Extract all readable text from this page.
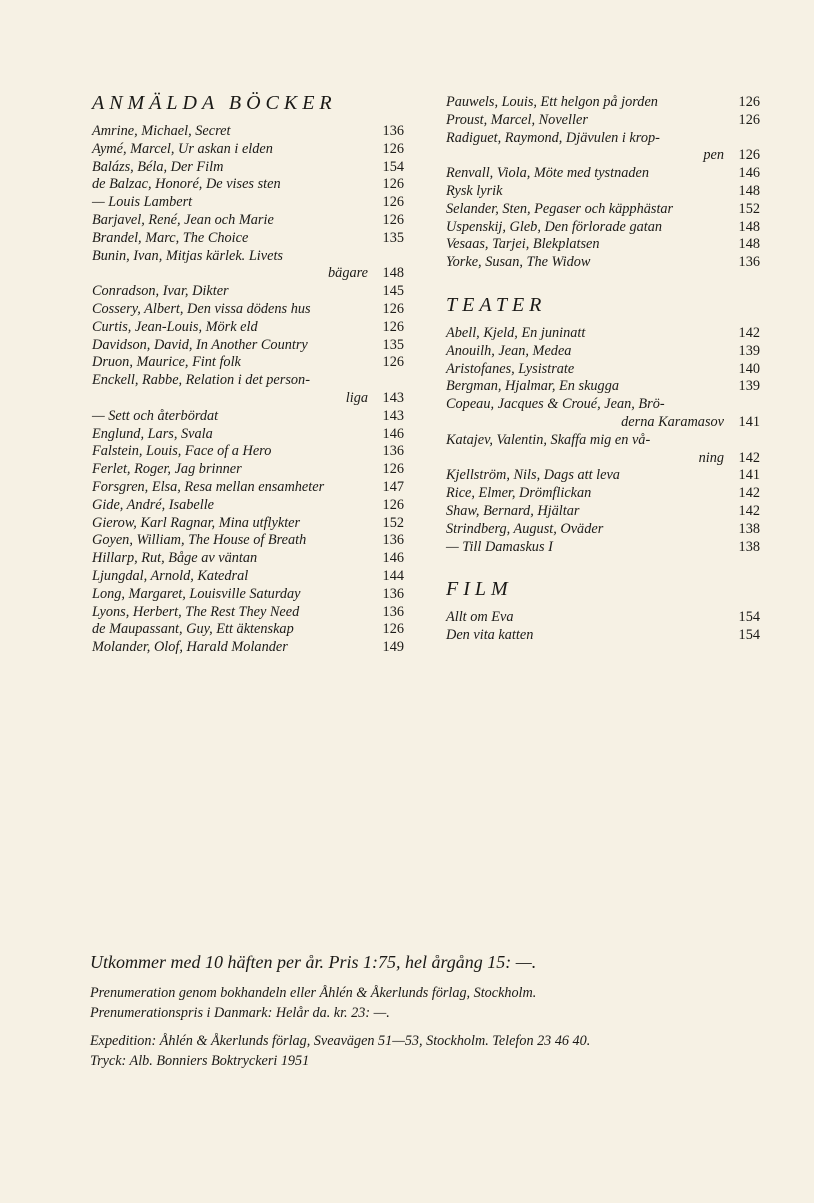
ANMÄLDA BÖCKER
Amrine, Michael, Secret	136
Aymé, Marcel, Ur askan i elden	126
Balázs, Béla, Der Film	154
de Balzac, Honoré, De vises sten	126
— Louis Lambert	126
Barjavel, René, Jean och Marie	126
Brandel, Marc, The Choice	135
Bunin, Ivan, Mitjas kärlek. Livets
bägare	148
Conradson, Ivar, Dikter	145
Cossery, Albert, Den vissa dödens hus	126
Curtis, Jean-Louis, Mörk eld	126
Davidson, David, In Another Country	135
Druon, Maurice, Fint folk	126
Enckell, Rabbe, Relation i det person-
liga	143
— Sett och återbördat	143
Englund, Lars, Svala	146
Falstein, Louis, Face of a Hero	136
Ferlet, Roger, Jag brinner	126
Forsgren, Elsa, Resa mellan ensamheter	147
Gide, André, Isabelle	126
Gierow, Karl Ragnar, Mina utflykter	152
Goyen, William, The House of Breath	136
Hillarp, Rut, Båge av väntan	146
Ljungdal, Arnold, Katedral	144
Long, Margaret, Louisville Saturday	136
Lyons, Herbert, The Rest They Need	136
de Maupassant, Guy, Ett äktenskap	126
Molander, Olof, Harald Molander	149
Pauwels, Louis, Ett helgon på jorden	126
Proust, Marcel, Noveller	126
Radiguet, Raymond, Djävulen i krop-
pen	126
Renvall, Viola, Möte med tystnaden	146
Rysk lyrik	148
Selander, Sten, Pegaser och käpphästar	152
Uspenskij, Gleb, Den förlorade gatan	148
Vesaas, Tarjei, Blekplatsen	148
Yorke, Susan, The Widow	136
TEATER
Abell, Kjeld, En juninatt	142
Anouilh, Jean, Medea	139
Aristofanes, Lysistrate	140
Bergman, Hjalmar, En skugga	139
Copeau, Jacques & Croué, Jean, Brö-
derna Karamasov	141
Katajev, Valentin, Skaffa mig en vå-
ning	142
Kjellström, Nils, Dags att leva	141
Rice, Elmer, Drömflickan	142
Shaw, Bernard, Hjältar	142
Strindberg, August, Oväder	138
— Till Damaskus I	138
FILM
Allt om Eva	154
Den vita katten	154

Utkommer med 10 häften per år. Pris 1:75, hel årgång 15: —.

Prenumeration genom bokhandeln eller Åhlén & Åkerlunds förlag, Stockholm.

Prenumerationspris i Danmark: Helår da. kr. 23: —.

Expedition: Åhlén & Åkerlunds förlag, Sveavägen 51—53, Stockholm. Telefon 23 46 40.

Tryck: Alb. Bonniers Boktryckeri 1951
